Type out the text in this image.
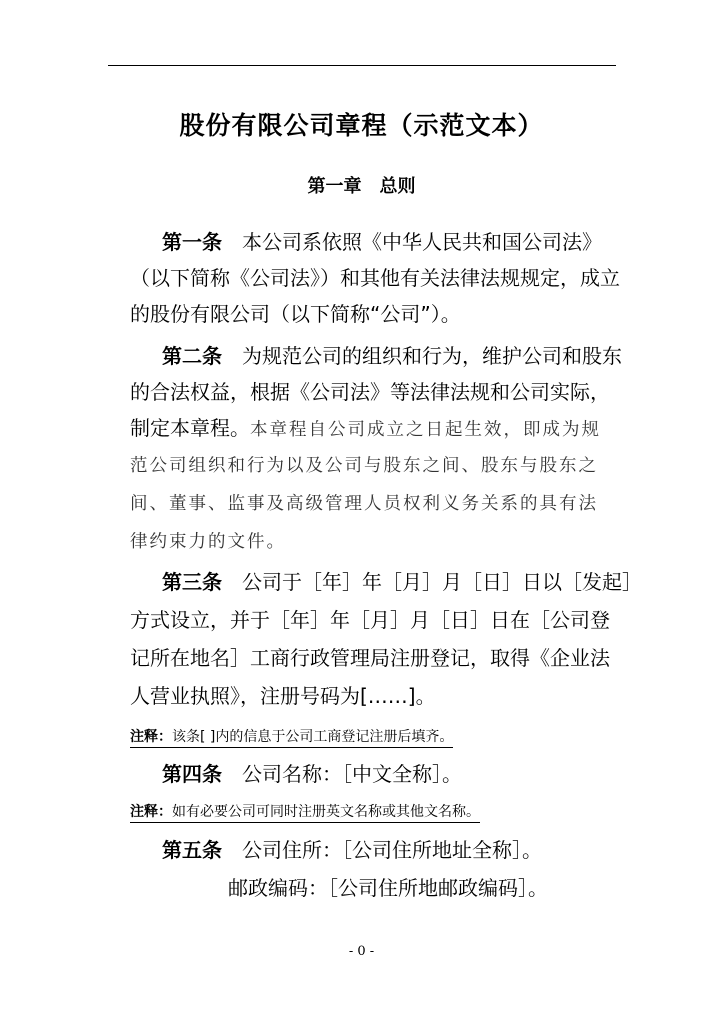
股份有限公司章程（示范文本）
第一章　总则
第一条　 本公司系依照《中华人民共和国公司法》
（以下简称《公司法》）和其他有关法律法规规定，成立
的股份有限公司（以下简称“公司”）。
第二条　 为规范公司的组织和行为，维护公司和股东
的合法权益，根据《公司法》等法律法规和公司实际，
制定本章程。本章程自公司成立之日起生效，即成为规
范公司组织和行为以及公司与股东之间、股东与股东之
间、董事、监事及高级管理人员权利义务关系的具有法
律约束力的文件。
第三条　 公司于［年］年［月］月［日］日以［发起］
方式设立，并于［年］年［月］月［日］日在［公司登
记所在地名］工商行政管理局注册登记，取得《企业法
人营业执照》，注册号码为[……]。
注释：该条[ ]内的信息于公司工商登记注册后填齐。
第四条　 公司名称：［中文全称］。
注释：如有必要公司可同时注册英文名称或其他文名称。
第五条　 公司住所：［公司住所地址全称］。
邮政编码：［公司住所地邮政编码］。
- 0 -
